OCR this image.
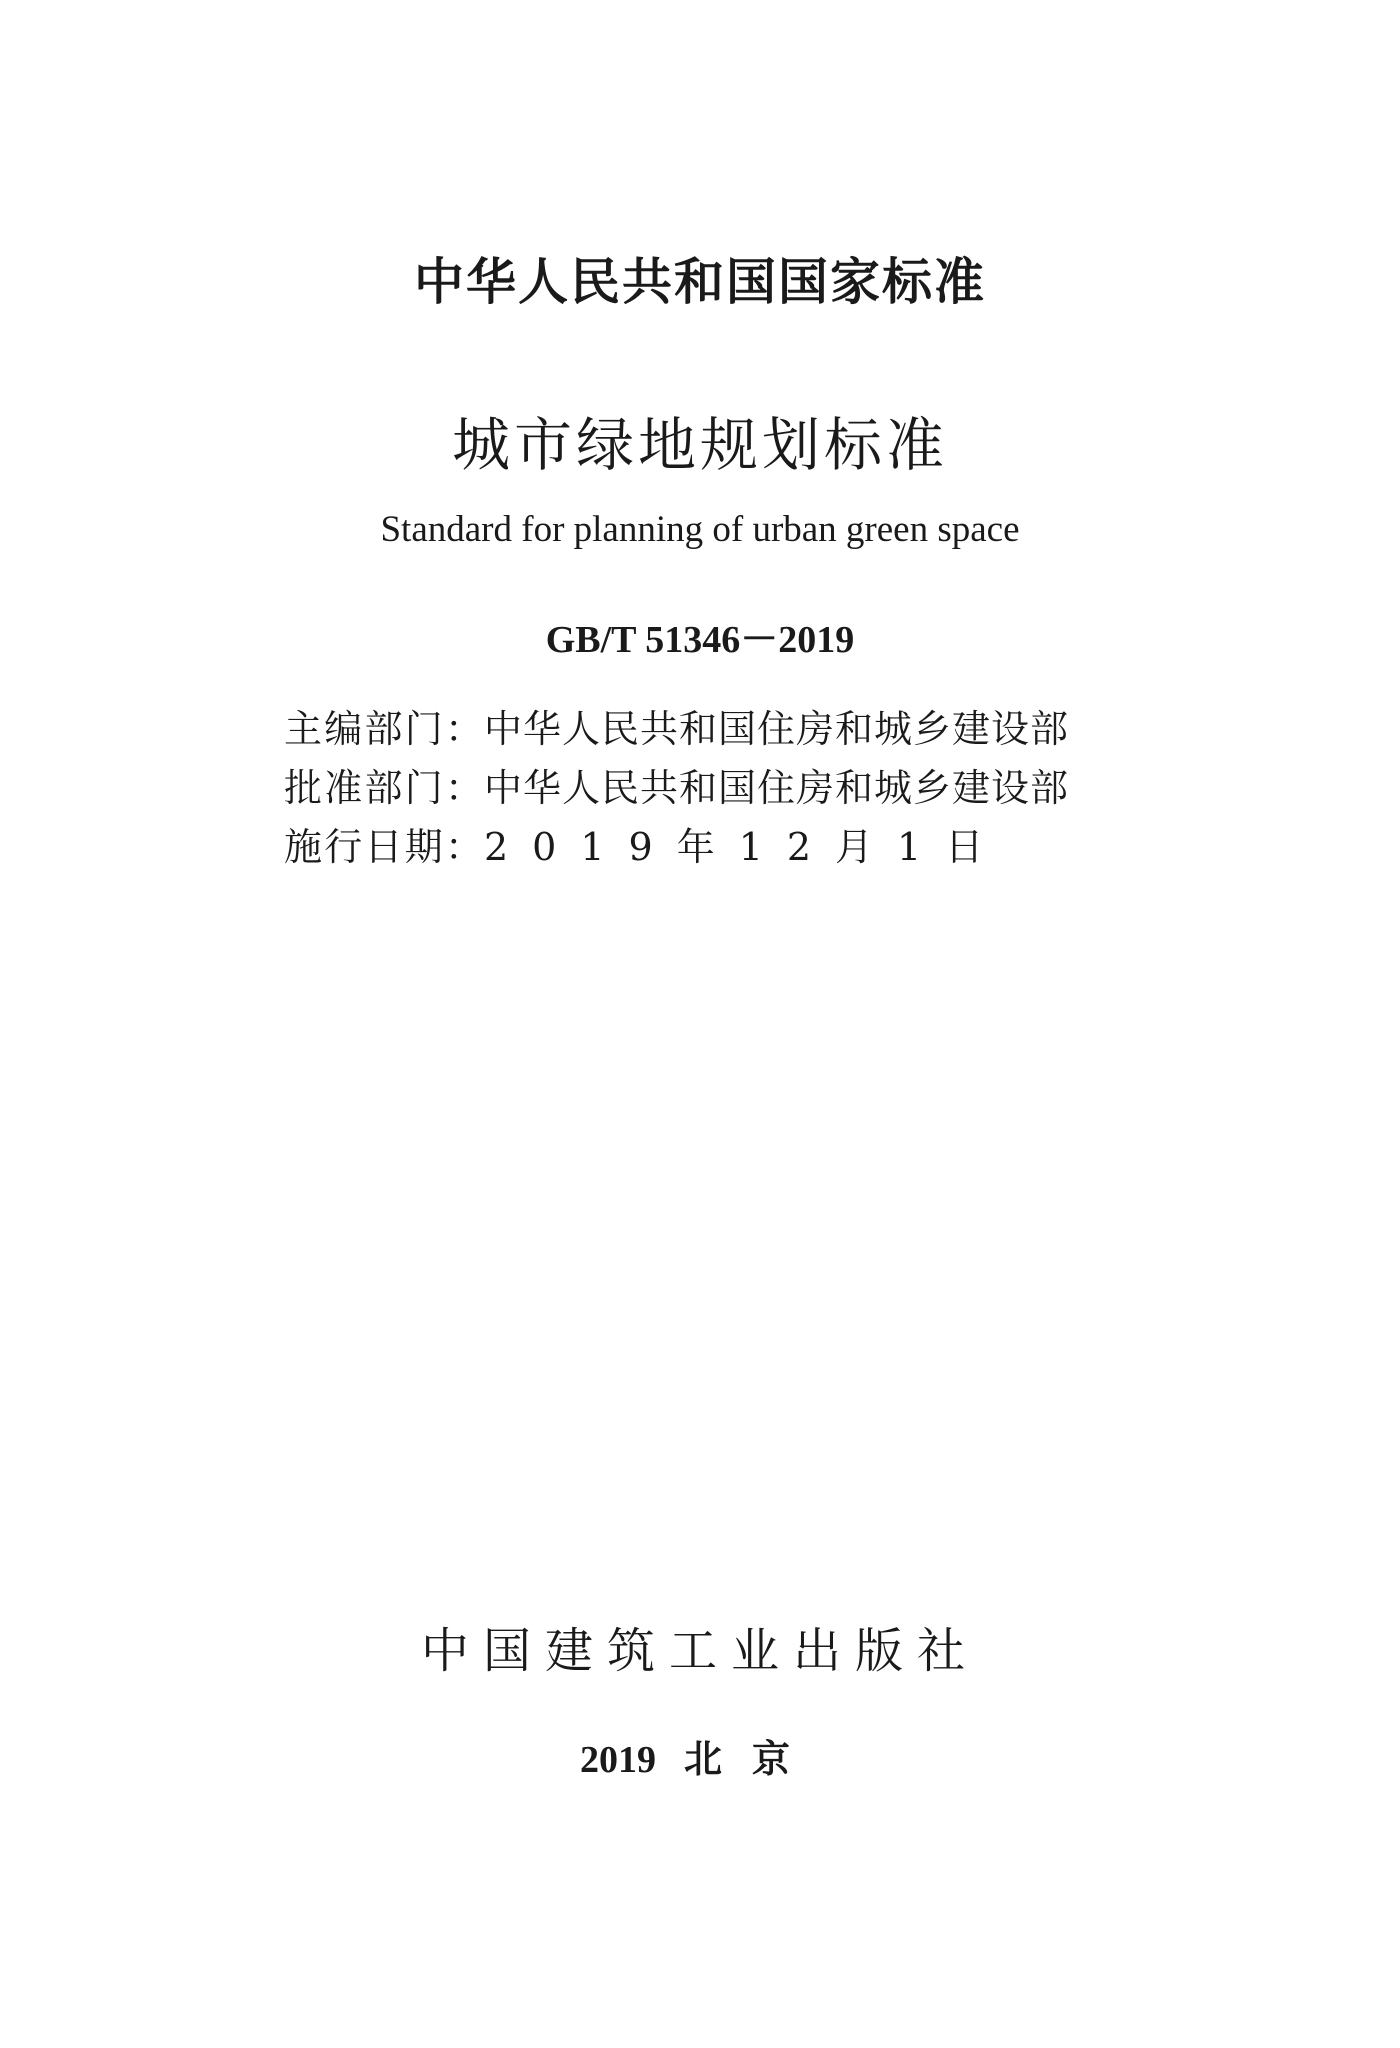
中华人民共和国国家标准
城市绿地规划标准
Standard for planning of urban green space
GB/T 51346－2019
主编部门： 中华人民共和国住房和城乡建设部
批准部门： 中华人民共和国住房和城乡建设部
施行日期： 2019年12月1日
中国建筑工业出版社
2019 北京
